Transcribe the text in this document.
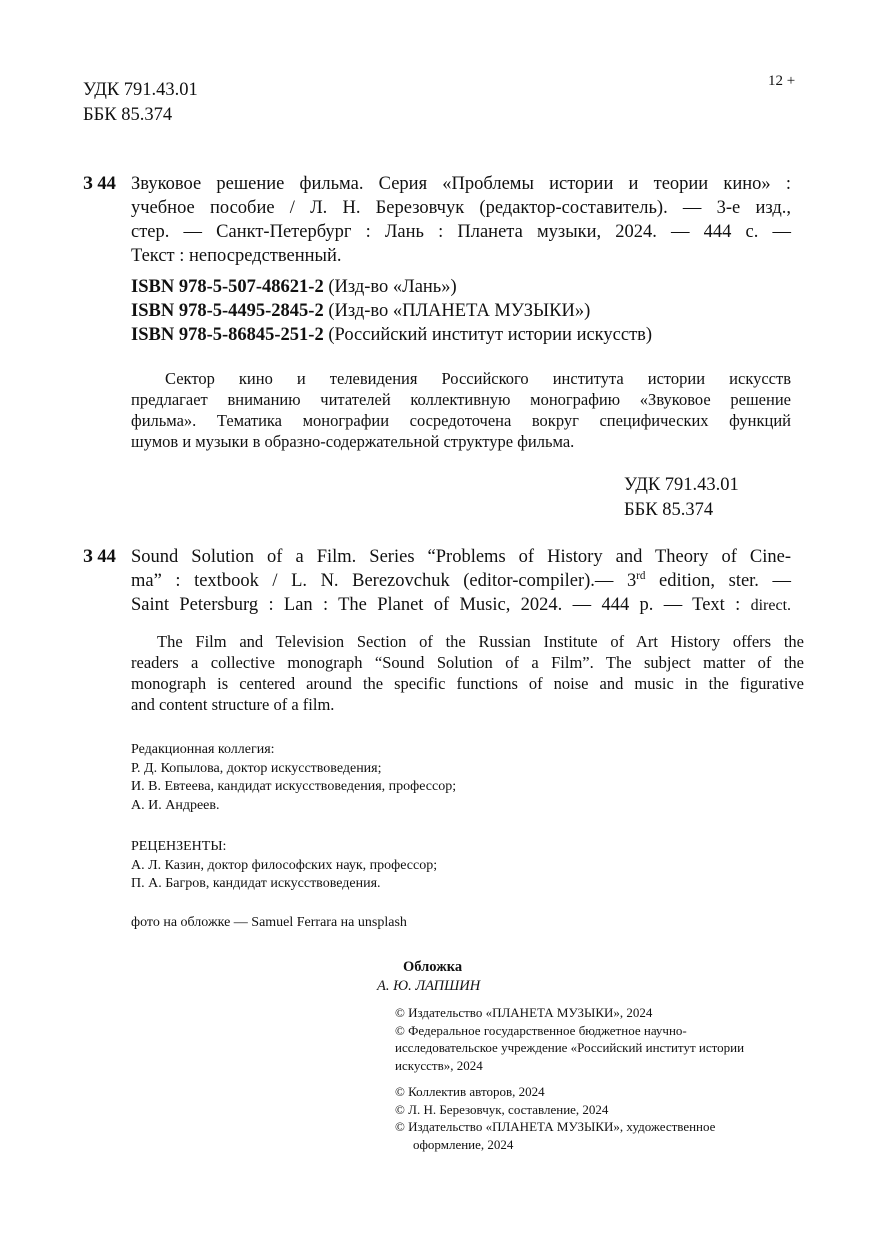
УДК 791.43.01
ББК 85.374
12 +
З 44 Звуковое решение фильма. Серия «Проблемы истории и теории кино» :
учебное пособие / Л. Н. Березовчук (редактор-составитель). — 3-е изд.,
стер. — Санкт-Петербург : Лань : Планета музыки, 2024. — 444 с. —
Текст : непосредственный.
ISBN 978-5-507-48621-2 (Изд-во «Лань»)
ISBN 978-5-4495-2845-2 (Изд-во «ПЛАНЕТА МУЗЫКИ»)
ISBN 978-5-86845-251-2 (Российский институт истории искусств)
Сектор кино и телевидения Российского института истории искусств
предлагает вниманию читателей коллективную монографию «Звуковое решение
фильма». Тематика монографии сосредоточена вокруг специфических функций
шумов и музыки в образно-содержательной структуре фильма.
УДК 791.43.01
ББК 85.374
З 44 Sound Solution of a Film. Series “Problems of History and Theory of Cine-
ma” : textbook / L. N. Berezovchuk (editor-compiler).— 3rd edition, ster. —
Saint Petersburg : Lan : The Planet of Music, 2024. — 444 p. — Text : direct.
The Film and Television Section of the Russian Institute of Art History offers the
readers a collective monograph “Sound Solution of a Film”. The subject matter of the
monograph is centered around the specific functions of noise and music in the figurative
and content structure of a film.
Редакционная коллегия:
Р. Д. Копылова, доктор искусствоведения;
И. В. Евтеева, кандидат искусствоведения, профессор;
А. И. Андреев.
РЕЦЕНЗЕНТЫ:
А. Л. Казин, доктор философских наук, профессор;
П. А. Багров, кандидат искусствоведения.
фото на обложке — Samuel Ferrara на unsplash
Обложка
А. Ю. ЛАПШИН
© Издательство «ПЛАНЕТА МУЗЫКИ», 2024
© Федеральное государственное бюджетное научно-
исследовательское учреждение «Российский институт истории
искусств», 2024
© Коллектив авторов, 2024
© Л. Н. Березовчук, составление, 2024
© Издательство «ПЛАНЕТА МУЗЫКИ», художественное
оформление, 2024
